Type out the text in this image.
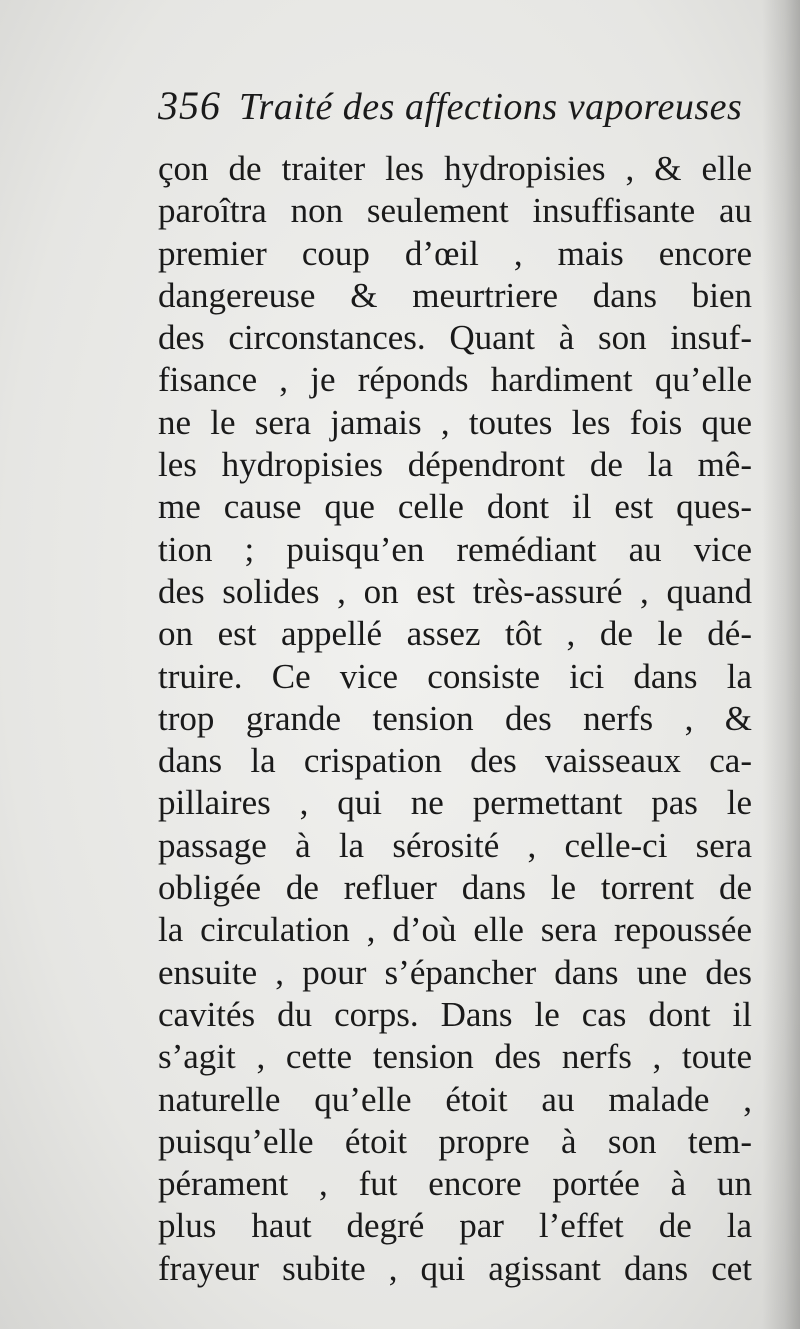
356 Traité des affections vaporeuses
çon de traiter les hydropisies , & elle
paroîtra non seulement insuffisante au
premier coup d’œil , mais encore
dangereuse & meurtriere dans bien
des circonstances. Quant à son insuf-
fisance , je réponds hardiment qu’elle
ne le sera jamais , toutes les fois que
les hydropisies dépendront de la mê-
me cause que celle dont il est ques-
tion ; puisqu’en remédiant au vice
des solides , on est très-assuré , quand
on est appellé assez tôt , de le dé-
truire. Ce vice consiste ici dans la
trop grande tension des nerfs , &
dans la crispation des vaisseaux ca-
pillaires , qui ne permettant pas le
passage à la sérosité , celle-ci sera
obligée de refluer dans le torrent de
la circulation , d’où elle sera repoussée
ensuite , pour s’épancher dans une des
cavités du corps. Dans le cas dont il
s’agit , cette tension des nerfs , toute
naturelle qu’elle étoit au malade ,
puisqu’elle étoit propre à son tem-
pérament , fut encore portée à un
plus haut degré par l’effet de la
frayeur subite , qui agissant dans cet
